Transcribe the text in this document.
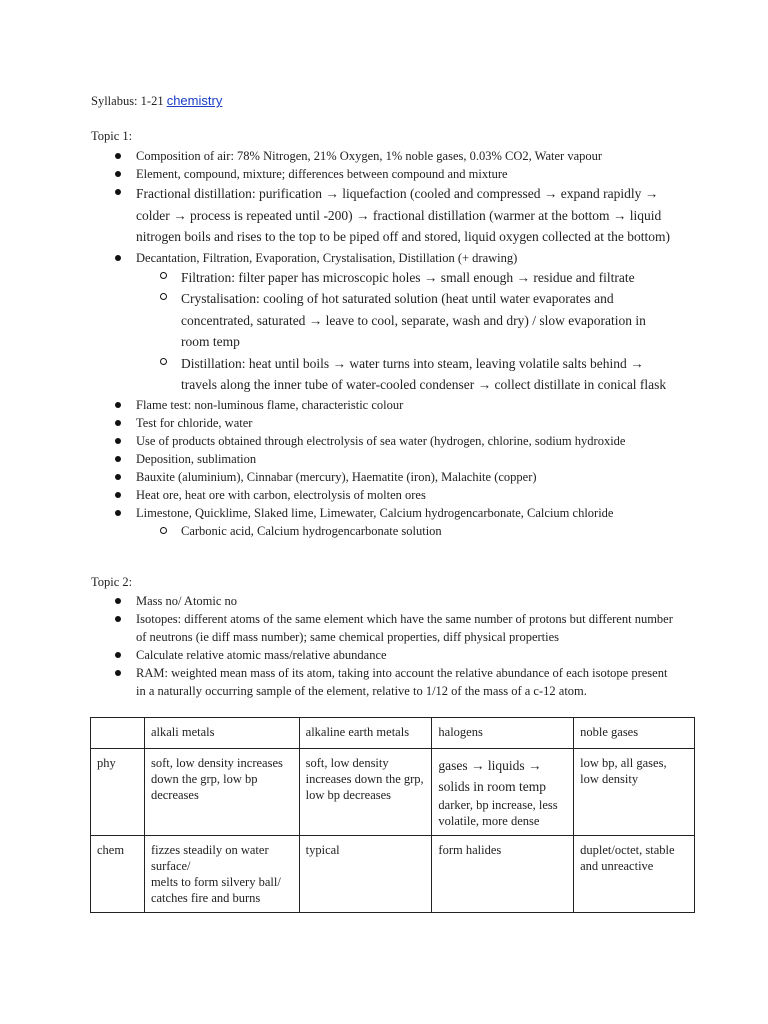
Syllabus: 1-21 chemistry
Topic 1:
Composition of air: 78% Nitrogen, 21% Oxygen, 1% noble gases, 0.03% CO2, Water vapour
Element, compound, mixture; differences between compound and mixture
Fractional distillation: purification → liquefaction (cooled and compressed → expand rapidly → colder → process is repeated until -200) → fractional distillation (warmer at the bottom → liquid nitrogen boils and rises to the top to be piped off and stored, liquid oxygen collected at the bottom)
Decantation, Filtration, Evaporation, Crystalisation, Distillation (+ drawing)
Filtration: filter paper has microscopic holes → small enough → residue and filtrate
Crystalisation: cooling of hot saturated solution (heat until water evaporates and concentrated, saturated → leave to cool, separate, wash and dry) / slow evaporation in room temp
Distillation: heat until boils → water turns into steam, leaving volatile salts behind → travels along the inner tube of water-cooled condenser → collect distillate in conical flask
Flame test: non-luminous flame, characteristic colour
Test for chloride, water
Use of products obtained through electrolysis of sea water (hydrogen, chlorine, sodium hydroxide
Deposition, sublimation
Bauxite (aluminium), Cinnabar (mercury), Haematite (iron), Malachite (copper)
Heat ore, heat ore with carbon, electrolysis of molten ores
Limestone, Quicklime, Slaked lime, Limewater, Calcium hydrogencarbonate, Calcium chloride
Carbonic acid, Calcium hydrogencarbonate solution
Topic 2:
Mass no/ Atomic no
Isotopes: different atoms of the same element which have the same number of protons but different number of neutrons (ie diff mass number); same chemical properties, diff physical properties
Calculate relative atomic mass/relative abundance
RAM: weighted mean mass of its atom, taking into account the relative abundance of each isotope present in a naturally occurring sample of the element, relative to 1/12 of the mass of a c-12 atom.
	alkali metals	alkaline earth metals	halogens	noble gases
phy	soft, low density increases down the grp, low bp decreases	soft, low density increases down the grp, low bp decreases	gases → liquids → solids in room temp
darker, bp increase, less volatile, more dense	low bp, all gases, low density
chem	fizzes steadily on water surface/
melts to form silvery ball/
catches fire and burns	typical	form halides	duplet/octet, stable and unreactive
